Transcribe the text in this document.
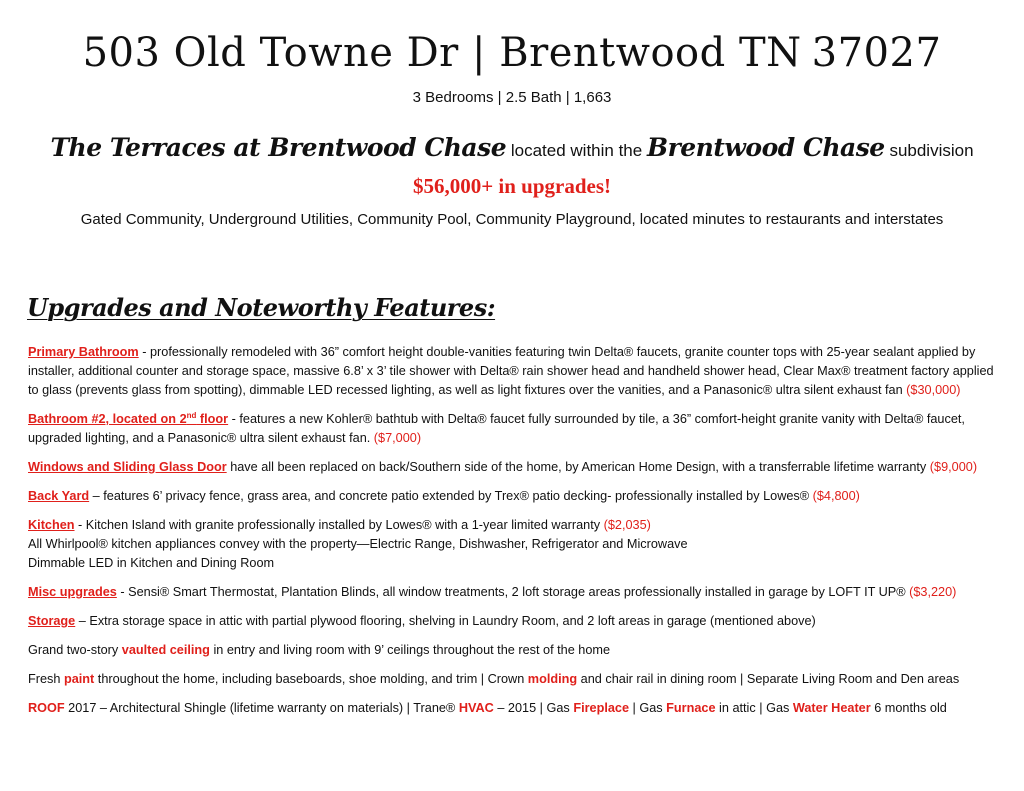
503 Old Towne Dr | Brentwood TN 37027
3 Bedrooms | 2.5 Bath | 1,663
The Terraces at Brentwood Chase located within the Brentwood Chase subdivision
$56,000+ in upgrades!
Gated Community, Underground Utilities, Community Pool, Community Playground, located minutes to restaurants and interstates
Upgrades and Noteworthy Features:
Primary Bathroom - professionally remodeled with 36” comfort height double-vanities featuring twin Delta® faucets, granite counter tops with 25-year sealant applied by installer, additional counter and storage space, massive 6.8’ x 3’ tile shower with Delta® rain shower head and handheld shower head, Clear Max® treatment factory applied to glass (prevents glass from spotting), dimmable LED recessed lighting, as well as light fixtures over the vanities, and a Panasonic® ultra silent exhaust fan ($30,000)
Bathroom #2, located on 2nd floor - features a new Kohler® bathtub with Delta® faucet fully surrounded by tile, a 36” comfort-height granite vanity with Delta® faucet, upgraded lighting, and a Panasonic® ultra silent exhaust fan. ($7,000)
Windows and Sliding Glass Door have all been replaced on back/Southern side of the home, by American Home Design, with a transferrable lifetime warranty ($9,000)
Back Yard – features 6’ privacy fence, grass area, and concrete patio extended by Trex® patio decking- professionally installed by Lowes® ($4,800)
Kitchen - Kitchen Island with granite professionally installed by Lowes® with a 1-year limited warranty ($2,035)
All Whirlpool® kitchen appliances convey with the property—Electric Range, Dishwasher, Refrigerator and Microwave
Dimmable LED in Kitchen and Dining Room
Misc upgrades - Sensi® Smart Thermostat, Plantation Blinds, all window treatments, 2 loft storage areas professionally installed in garage by LOFT IT UP® ($3,220)
Storage – Extra storage space in attic with partial plywood flooring, shelving in Laundry Room, and 2 loft areas in garage (mentioned above)
Grand two-story vaulted ceiling in entry and living room with 9’ ceilings throughout the rest of the home
Fresh paint throughout the home, including baseboards, shoe molding, and trim | Crown molding and chair rail in dining room | Separate Living Room and Den areas
ROOF 2017 – Architectural Shingle (lifetime warranty on materials) | Trane® HVAC – 2015 | Gas Fireplace | Gas Furnace in attic | Gas Water Heater 6 months old
